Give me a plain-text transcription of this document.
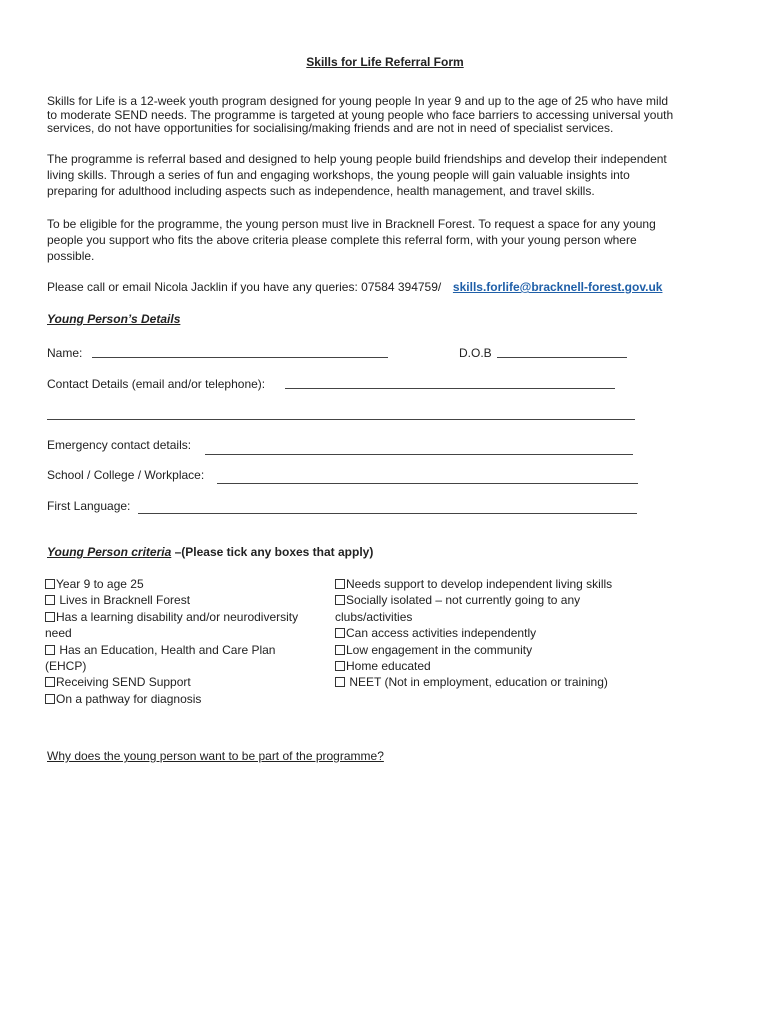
Skills for Life Referral Form
Skills for Life is a 12-week youth program designed for young people In year 9 and up to the age of 25 who have mild
to moderate SEND needs. The programme is targeted at young people who face barriers to accessing universal youth
services, do not have opportunities for socialising/making friends and are not in need of specialist services.
The programme is referral based and designed to help young people build friendships and develop their independent
living skills. Through a series of fun and engaging workshops, the young people will gain valuable insights into
preparing for adulthood including aspects such as independence, health management, and travel skills.
To be eligible for the programme, the young person must live in Bracknell Forest. To request a space for any young
people you support who fits the above criteria please complete this referral form, with your young person where
possible.
Please call or email Nicola Jacklin if you have any queries: 07584 394759/ skills.forlife@bracknell-forest.gov.uk
Young Person’s Details
Name:	D.O.B
Contact Details (email and/or telephone):
Emergency contact details:
School / College / Workplace:
First Language:
Young Person criteria –(Please tick any boxes that apply)
Year 9 to age 25
Lives in Bracknell Forest
Has a learning disability and/or neurodiversity
need
Has an Education, Health and Care Plan
(EHCP)
Receiving SEND Support
On a pathway for diagnosis
Needs support to develop independent living skills
Socially isolated – not currently going to any
clubs/activities
Can access activities independently
Low engagement in the community
Home educated
NEET (Not in employment, education or training)
Why does the young person want to be part of the programme?
